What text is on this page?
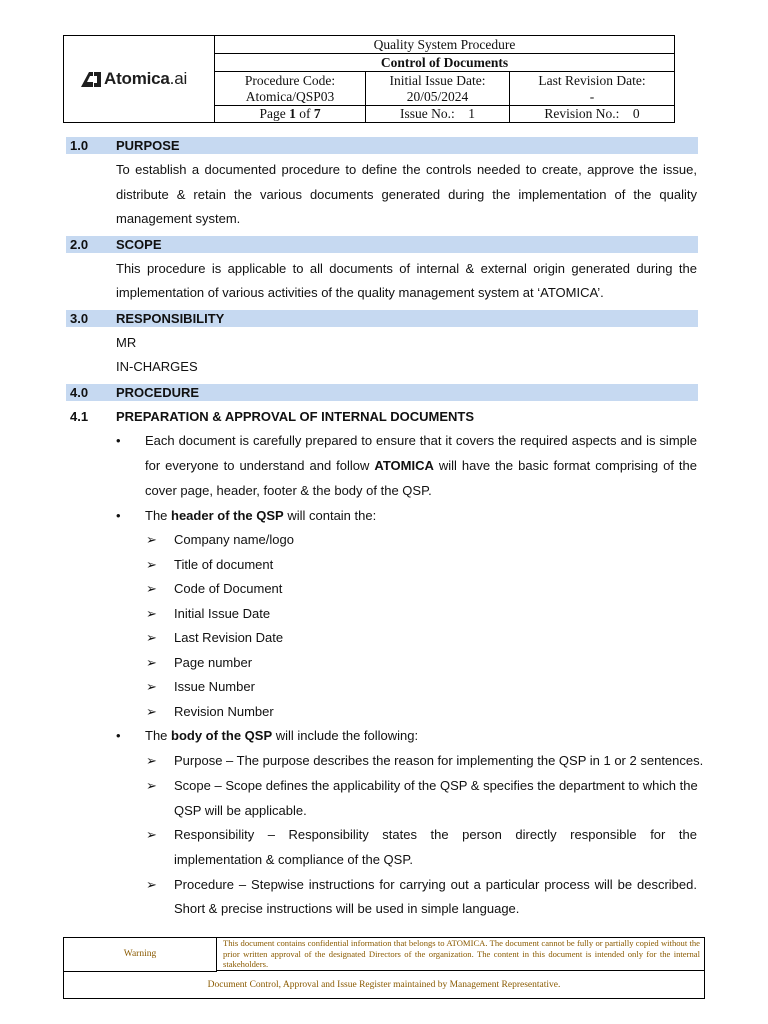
Atomica.ai
Quality System Procedure
Control of Documents
Procedure Code:
Atomica/QSP03
Initial Issue Date:
20/05/2024
Last Revision Date:
-
Page 1 of 7	Issue No.: 1	Revision No.: 0
1.0 PURPOSE
To establish a documented procedure to define the controls needed to create, approve the issue,
distribute & retain the various documents generated during the implementation of the quality
management system.
2.0 SCOPE
This procedure is applicable to all documents of internal & external origin generated during the
implementation of various activities of the quality management system at ‘ATOMICA’.
3.0 RESPONSIBILITY
MR
IN-CHARGES
4.0 PROCEDURE
4.1 PREPARATION & APPROVAL OF INTERNAL DOCUMENTS
• Each document is carefully prepared to ensure that it covers the required aspects and is simple
for everyone to understand and follow ATOMICA will have the basic format comprising of the
cover page, header, footer & the body of the QSP.
• The header of the QSP will contain the:
➢ Company name/logo
➢ Title of document
➢ Code of Document
➢ Initial Issue Date
➢ Last Revision Date
➢ Page number
➢ Issue Number
➢ Revision Number
• The body of the QSP will include the following:
➢ Purpose – The purpose describes the reason for implementing the QSP in 1 or 2 sentences.
➢ Scope – Scope defines the applicability of the QSP & specifies the department to which the
QSP will be applicable.
➢ Responsibility – Responsibility states the person directly responsible for the
implementation & compliance of the QSP.
➢ Procedure – Stepwise instructions for carrying out a particular process will be described.
Short & precise instructions will be used in simple language.
Warning
This document contains confidential information that belongs to ATOMICA. The document cannot be fully or partially copied without the prior written approval of the designated Directors of the organization. The content in this document is intended only for the internal stakeholders.
Document Control, Approval and Issue Register maintained by Management Representative.
